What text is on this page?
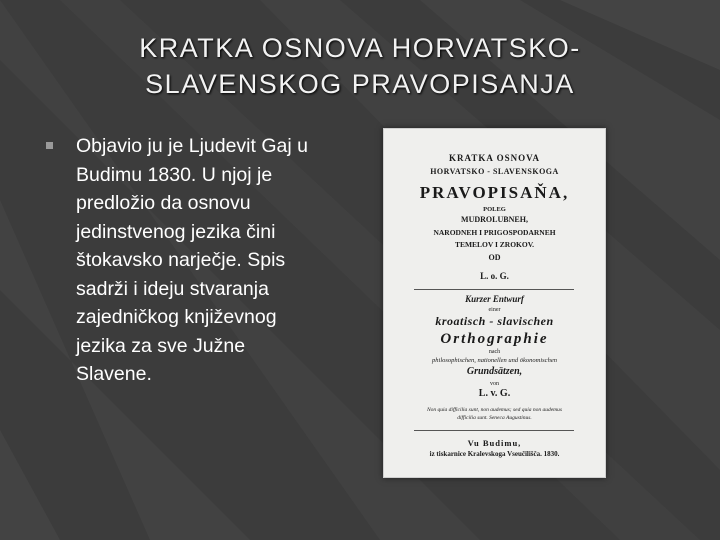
KRATKA OSNOVA HORVATSKO-
SLAVENSKOG PRAVOPISANJA
Objavio ju je Ljudevit Gaj u Budimu 1830. U njoj je predložio da osnovu jedinstvenog jezika čini štokavsko narječje. Spis sadrži i ideju stvaranja zajedničkog književnog jezika za sve Južne Slavene.
KRATKA OSNOVA
HORVATSKO - SLAVENSKOGA
PRAVOPISAŇA,
POLEG
MUDROLUBNEH,
NARODNEH I PRIGOSPODARNEH
TEMELOV I ZROKOV.
OD
L. o. G.
Kurzer Entwurf
einer
kroatisch - slavischen
Orthographie
nach
philosophischen, nationellen und ökonomischen
Grundsätzen,
von
L. v. G.
Non quia difficilia sunt, non audemus; sed quia non audemus
difficilia sunt. Seneca Augustinus.
Vu Budimu,
iz tiskarnice Kralevskoga Vseučilišča. 1830.
